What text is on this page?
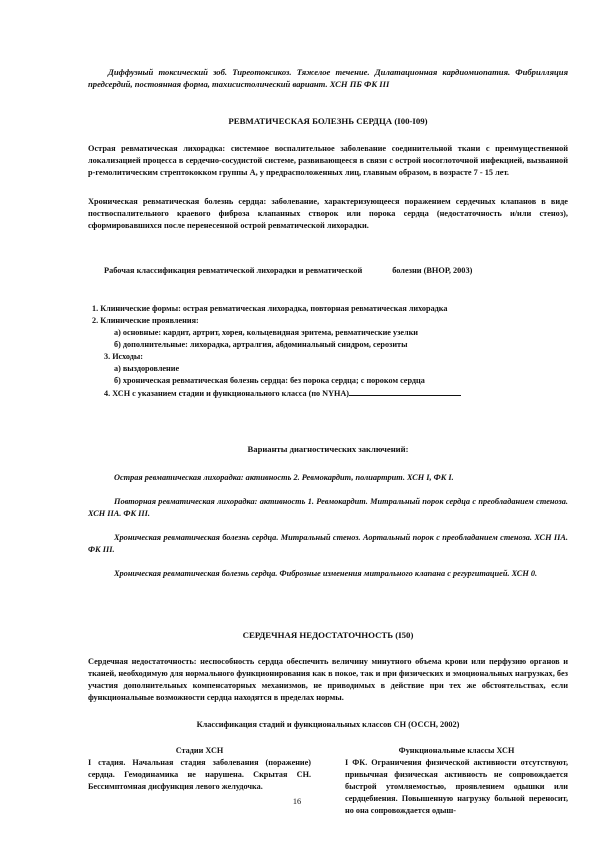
Диффузный токсический зоб. Тиреотоксикоз. Тяжелое течение. Дилатационная кардиомиопатия. Фибрилляция предсердий, постоянная форма, тахисистолический вариант. ХСН ПБ ФК III

РЕВМАТИЧЕСКАЯ БОЛЕЗНЬ СЕРДЦА (I00-I09)

Острая ревматическая лихорадка: системное воспалительное заболевание соединительной ткани с преимущественной локализацией процесса в сердечно-сосудистой системе, развивающееся в связи с острой носоглоточной инфекцией, вызванной р-гемолитическим стрептококком группы А, у предрасположенных лиц, главным образом, в возрасте 7 - 15 лет.

Хроническая ревматическая болезнь сердца: заболевание, характеризующееся поражением сердечных клапанов в виде поствоспалительного краевого фиброза клапанных створок или порока сердца (недостаточность и/или стеноз), сформировавшихся после перенесенной острой ревматической лихорадки.

Рабочая классификация ревматической лихорадки и ревматической	болезни (ВНОР, 2003)

1. Клинические формы: острая ревматическая лихорадка, повторная ревматическая лихорадка
2. Клинические проявления:
а) основные: кардит, артрит, хорея, кольцевидная эритема, ревматические узелки
б) дополнительные: лихорадка, артралгия, абдоминальный синдром, серозиты
3. Исходы:
а) выздоровление
б) хроническая ревматическая болезнь сердца: без порока сердца; с пороком сердца
4. ХСН с указанием стадии и функционального класса (по NYHA)

Варианты диагностических заключений:

Острая ревматическая лихорадка: активность 2. Ревмокардит, полиартрит. ХСН I, ФК I.

Повторная ревматическая лихорадка: активность 1. Ревмокардит. Митральный порок сердца с преобладанием стеноза. ХСН IIА. ФК III.

Хроническая ревматическая болезнь сердца. Митральный стеноз. Аортальный порок с преобладанием стеноза. ХСН IIА. ФК III.

Хроническая ревматическая болезнь сердца. Фиброзные изменения митрального клапана с регургитацией. ХСН 0.

СЕРДЕЧНАЯ НЕДОСТАТОЧНОСТЬ (I50)

Сердечная недостаточность: неспособность сердца обеспечить величину минутного объема крови или перфузию органов и тканей, необходимую для нормального функционирования как в покое, так и при физических и эмоциональных нагрузках, без участия дополнительных компенсаторных механизмов, не приводимых в действие при тех же обстоятельствах, если функциональные возможности сердца находятся в пределах нормы.

Классификация стадий и функциональных классов СН (ОССН, 2002)

Стадии ХСН
I стадия. Начальная стадия заболевания (поражение) сердца. Гемодинамика не нарушена. Скрытая СН. Бессимптомная дисфункция левого желудочка.
Функциональные классы ХСН
I ФК. Ограничения физической активности отсутствуют, привычная физическая активность не сопровождается быстрой утомляемостью, проявлением одышки или сердцебиения. Повышенную нагрузку больной переносит, но она сопровождается одыш-
16
